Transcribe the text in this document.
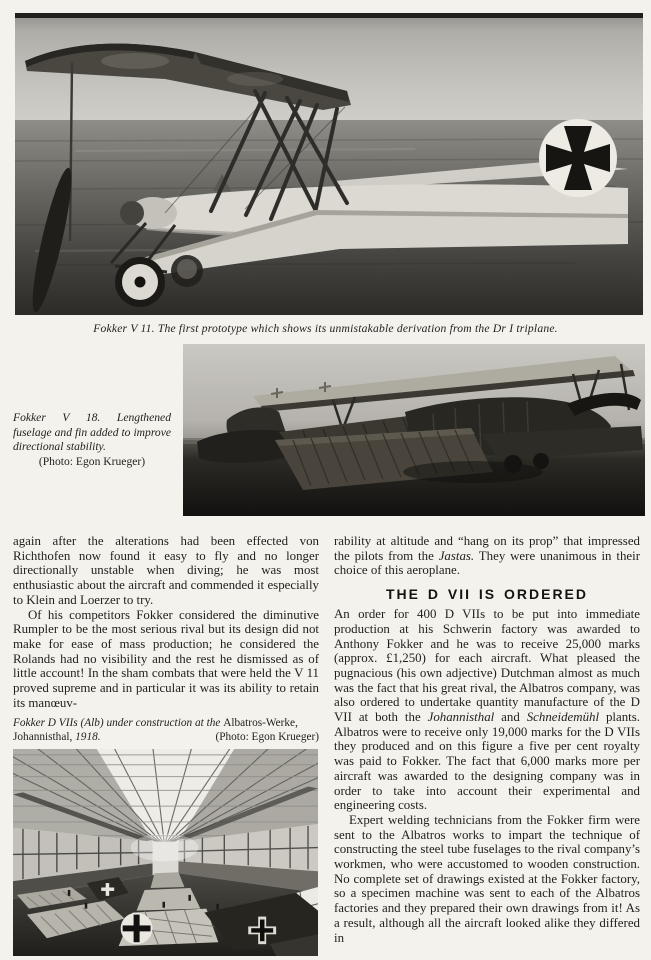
Fokker V 11. The first prototype which shows its unmistakable derivation from the Dr I triplane.
Fokker V 18. Lengthened fuselage and fin added to improve directional stability.
(Photo: Egon Krueger)

again after the alterations had been effected von Richthofen now found it easy to fly and no longer directionally unstable when diving; he was most enthusiastic about the aircraft and commended it especially to Klein and Loerzer to try.

Of his competitors Fokker considered the diminutive Rumpler to be the most serious rival but its design did not make for ease of mass production; he considered the Rolands had no visibility and the rest he dismissed as of little account! In the sham combats that were held the V 11 proved supreme and in particular it was its ability to retain its manœuv-

Fokker D VIIs (Alb) under construction at the Albatros-Werke,
Johannisthal, 1918.	(Photo: Egon Krueger)

rability at altitude and “hang on its prop” that impressed the pilots from the Jastas. They were unanimous in their choice of this aeroplane.

THE D VII IS ORDERED

An order for 400 D VIIs to be put into immediate production at his Schwerin factory was awarded to Anthony Fokker and he was to receive 25,000 marks (approx. £1,250) for each aircraft. What pleased the pugnacious (his own adjective) Dutchman almost as much was the fact that his great rival, the Albatros company, was also ordered to undertake quantity manufacture of the D VII at both the Johannisthal and Schneidemühl plants. Albatros were to receive only 19,000 marks for the D VIIs they produced and on this figure a five per cent royalty was paid to Fokker. The fact that 6,000 marks more per aircraft was awarded to the designing company was in order to take into account their experimental and engineering costs.

Expert welding technicians from the Fokker firm were sent to the Albatros works to impart the technique of constructing the steel tube fuselages to the rival company’s workmen, who were accustomed to wooden construction. No complete set of drawings existed at the Fokker factory, so a specimen machine was sent to each of the Albatros factories and they prepared their own drawings from it! As a result, although all the aircraft looked alike they differed in
